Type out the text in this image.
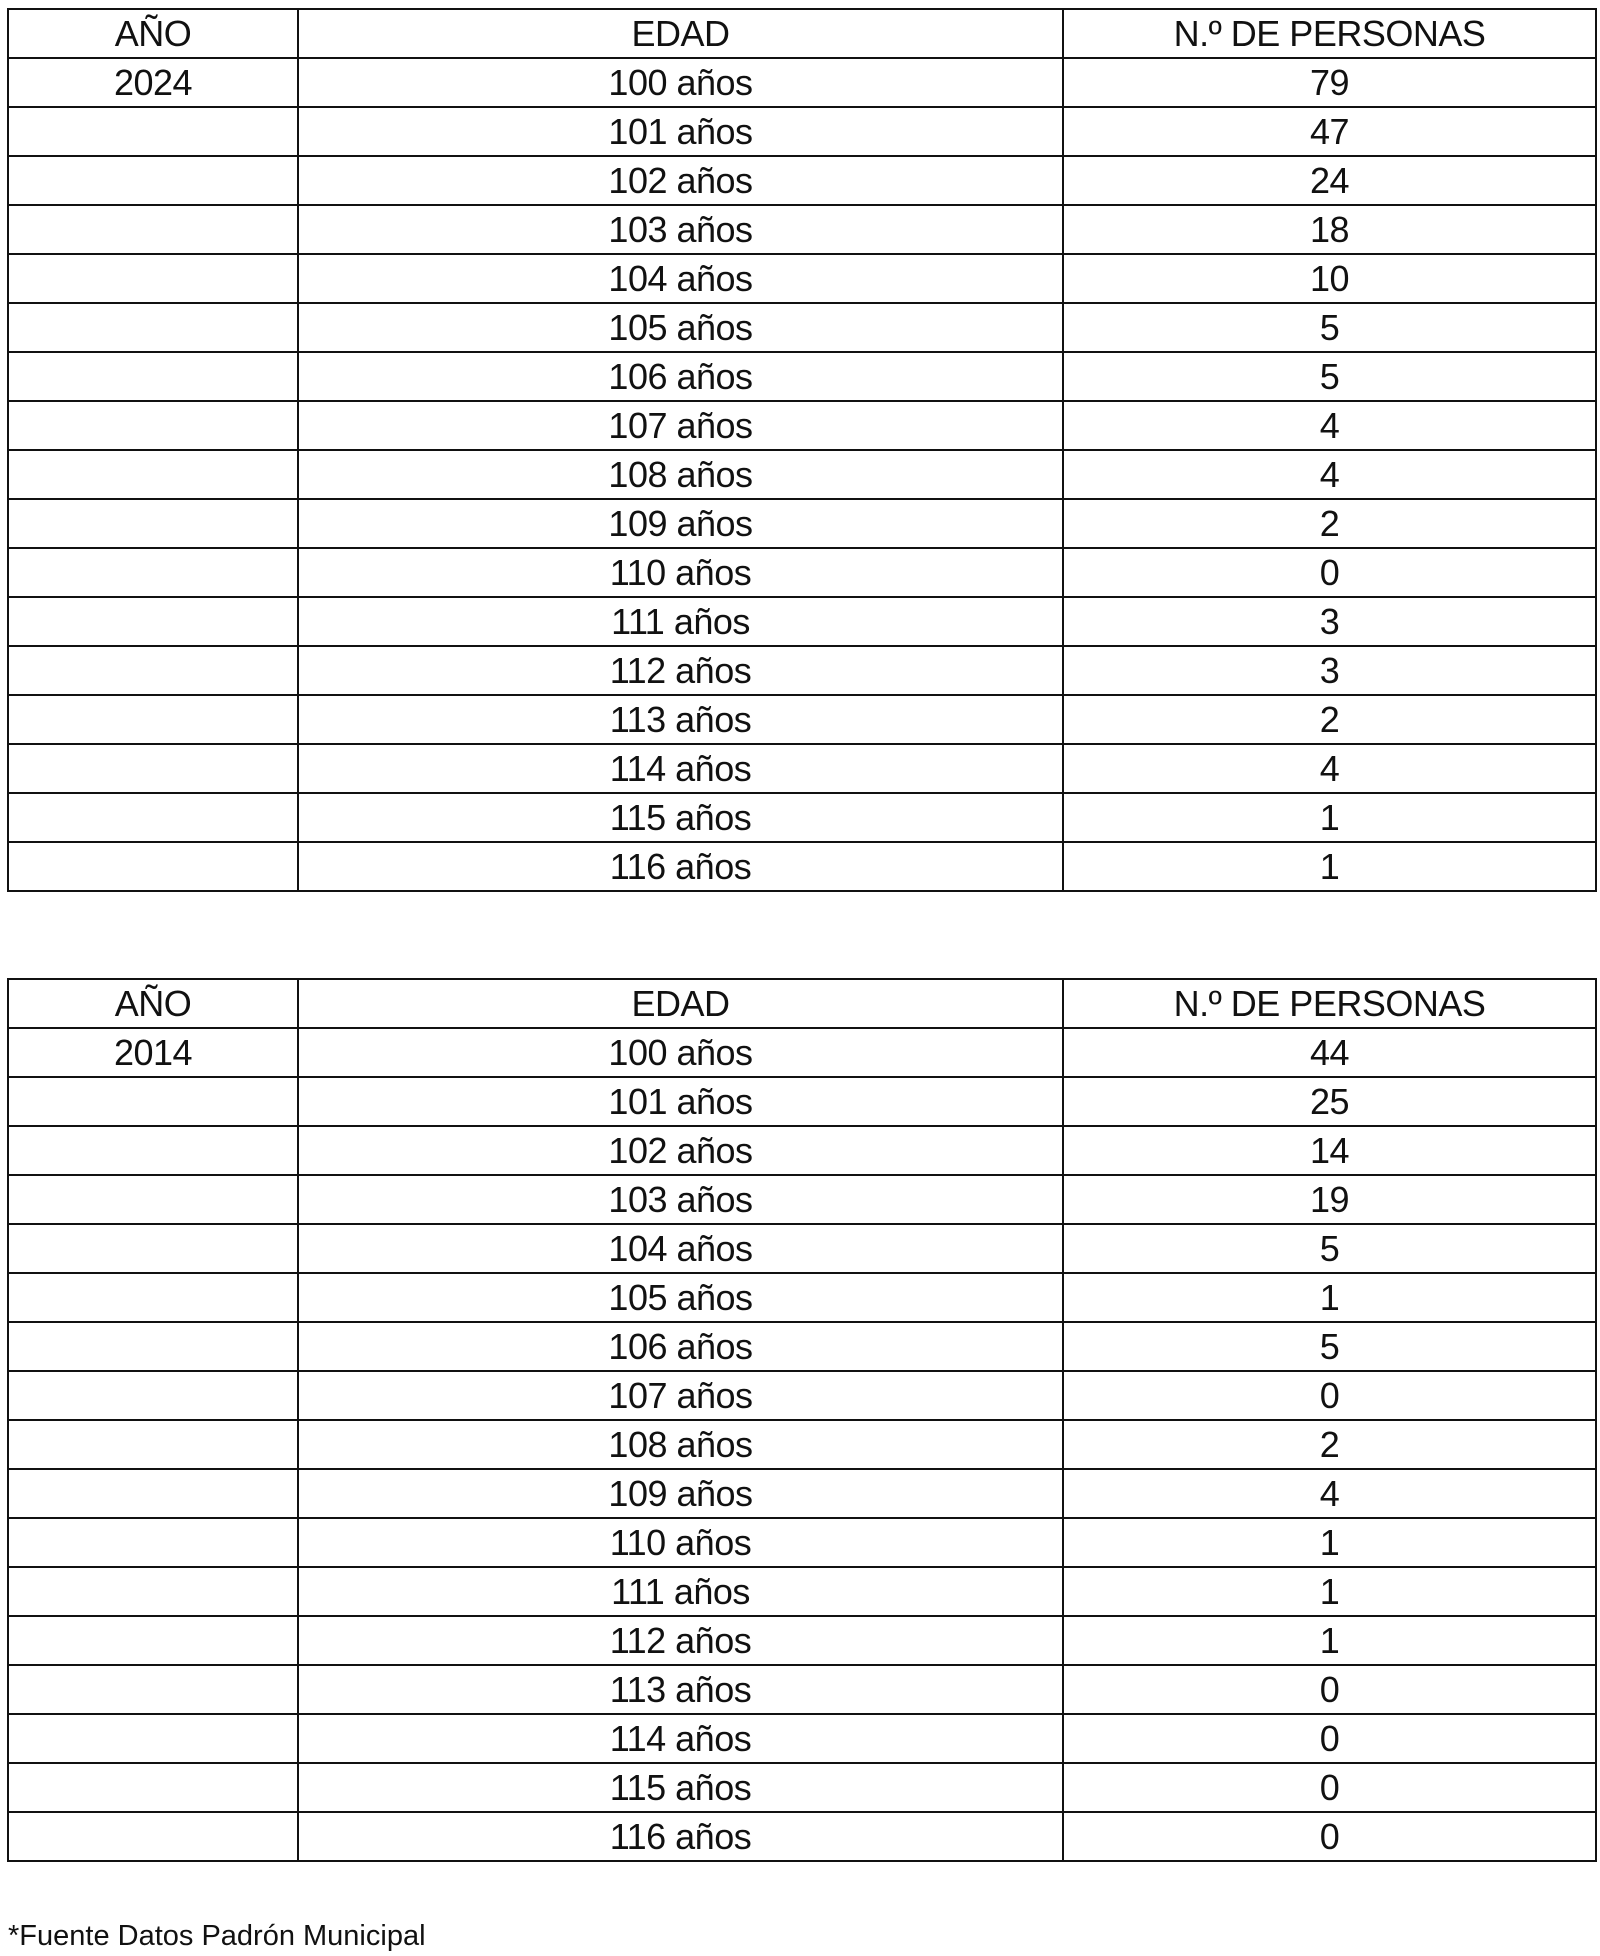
AÑO	EDAD	N.º DE PERSONAS
2024	100 años	79
	101 años	47
	102 años	24
	103 años	18
	104 años	10
	105 años	5
	106 años	5
	107 años	4
	108 años	4
	109 años	2
	110 años	0
	111 años	3
	112 años	3
	113 años	2
	114 años	4
	115 años	1
	116 años	1
AÑO	EDAD	N.º DE PERSONAS
2014	100 años	44
	101 años	25
	102 años	14
	103 años	19
	104 años	5
	105 años	1
	106 años	5
	107 años	0
	108 años	2
	109 años	4
	110 años	1
	111 años	1
	112 años	1
	113 años	0
	114 años	0
	115 años	0
	116 años	0
*Fuente Datos Padrón Municipal
